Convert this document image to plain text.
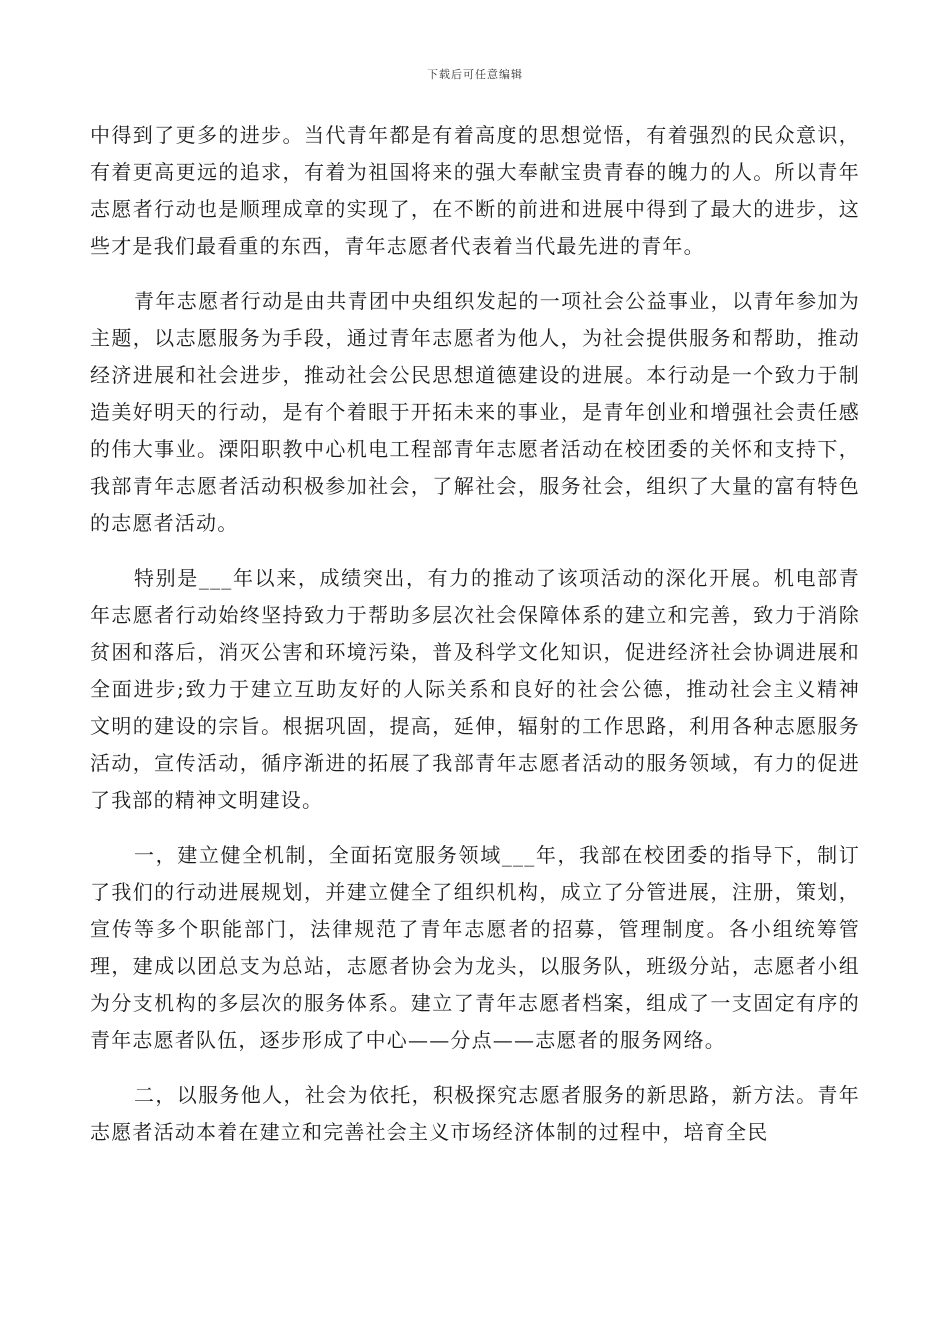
下载后可任意编辑

中得到了更多的进步。当代青年都是有着高度的思想觉悟，有着强烈的民众意识，有着更高更远的追求，有着为祖国将来的强大奉献宝贵青春的魄力的人。所以青年志愿者行动也是顺理成章的实现了，在不断的前进和进展中得到了最大的进步，这些才是我们最看重的东西，青年志愿者代表着当代最先进的青年。

青年志愿者行动是由共青团中央组织发起的一项社会公益事业，以青年参加为主题，以志愿服务为手段，通过青年志愿者为他人，为社会提供服务和帮助，推动经济进展和社会进步，推动社会公民思想道德建设的进展。本行动是一个致力于制造美好明天的行动，是有个着眼于开拓未来的事业，是青年创业和增强社会责任感的伟大事业。溧阳职教中心机电工程部青年志愿者活动在校团委的关怀和支持下，我部青年志愿者活动积极参加社会，了解社会，服务社会，组织了大量的富有特色的志愿者活动。

特别是___年以来，成绩突出，有力的推动了该项活动的深化开展。机电部青年志愿者行动始终坚持致力于帮助多层次社会保障体系的建立和完善，致力于消除贫困和落后，消灭公害和环境污染，普及科学文化知识，促进经济社会协调进展和全面进步;致力于建立互助友好的人际关系和良好的社会公德，推动社会主义精神文明的建设的宗旨。根据巩固，提高，延伸，辐射的工作思路，利用各种志愿服务活动，宣传活动，循序渐进的拓展了我部青年志愿者活动的服务领域，有力的促进了我部的精神文明建设。

一，建立健全机制，全面拓宽服务领域___年，我部在校团委的指导下，制订了我们的行动进展规划，并建立健全了组织机构，成立了分管进展，注册，策划，宣传等多个职能部门，法律规范了青年志愿者的招募，管理制度。各小组统筹管理，建成以团总支为总站，志愿者协会为龙头，以服务队，班级分站，志愿者小组为分支机构的多层次的服务体系。建立了青年志愿者档案，组成了一支固定有序的青年志愿者队伍，逐步形成了中心——分点——志愿者的服务网络。

二，以服务他人，社会为依托，积极探究志愿者服务的新思路，新方法。青年志愿者活动本着在建立和完善社会主义市场经济体制的过程中，培育全民
